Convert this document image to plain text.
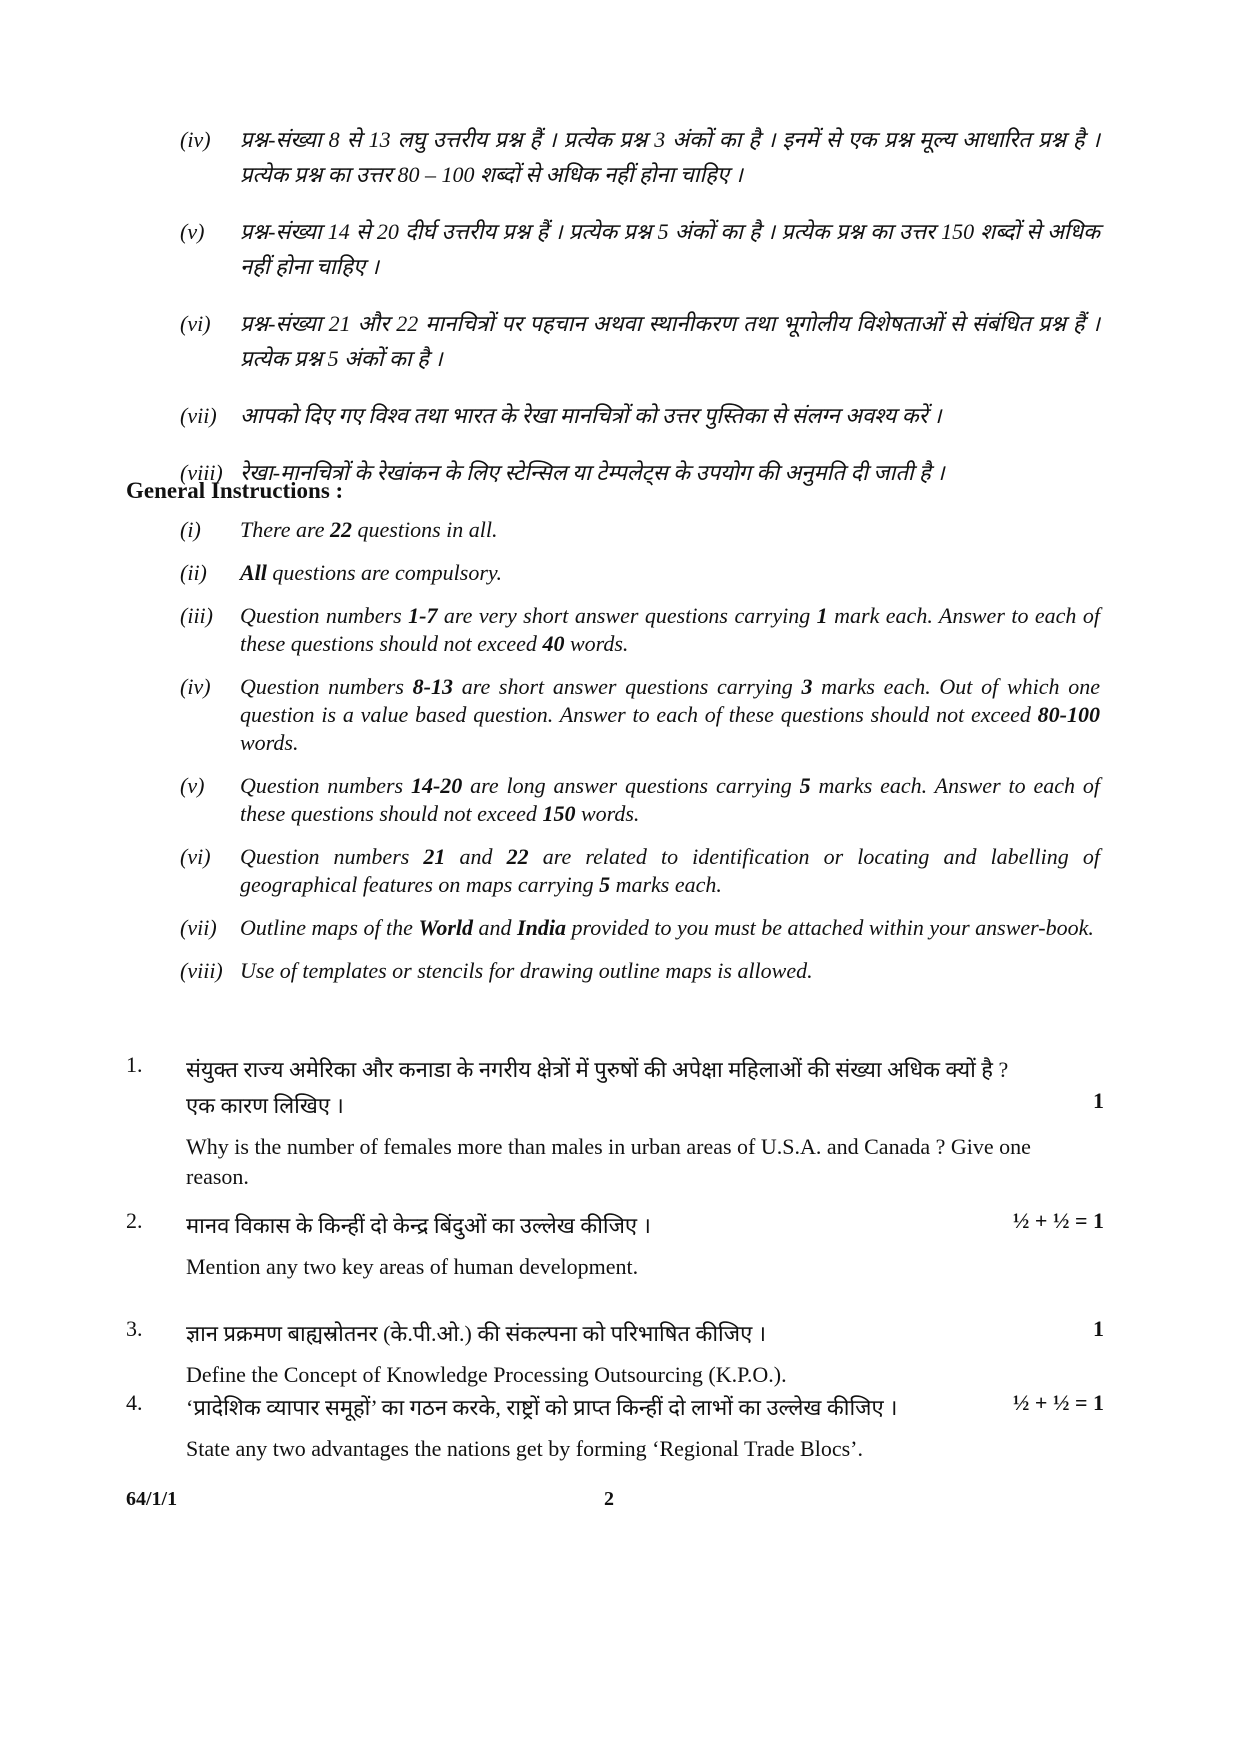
(iv)	प्रश्न-संख्या 8 से 13 लघु उत्तरीय प्रश्न हैं । प्रत्येक प्रश्न 3 अंकों का है । इनमें से एक प्रश्न मूल्य आधारित प्रश्न है । प्रत्येक प्रश्न का उत्तर 80 – 100 शब्दों से अधिक नहीं होना चाहिए ।
(v)	प्रश्न-संख्या 14 से 20 दीर्घ उत्तरीय प्रश्न हैं । प्रत्येक प्रश्न 5 अंकों का है । प्रत्येक प्रश्न का उत्तर 150 शब्दों से अधिक नहीं होना चाहिए ।
(vi)	प्रश्न-संख्या 21 और 22 मानचित्रों पर पहचान अथवा स्थानीकरण तथा भूगोलीय विशेषताओं से संबंधित प्रश्न हैं । प्रत्येक प्रश्न 5 अंकों का है ।
(vii)	आपको दिए गए विश्व तथा भारत के रेखा मानचित्रों को उत्तर पुस्तिका से संलग्न अवश्य करें ।
(viii) रेखा-मानचित्रों के रेखांकन के लिए स्टेन्सिल या टेम्पलेट्स के उपयोग की अनुमति दी जाती है ।
General Instructions :
(i)	There are 22 questions in all.
(ii)	All questions are compulsory.
(iii)	Question numbers 1-7 are very short answer questions carrying 1 mark each. Answer to each of these questions should not exceed 40 words.
(iv)	Question numbers 8-13 are short answer questions carrying 3 marks each. Out of which one question is a value based question. Answer to each of these questions should not exceed 80-100 words.
(v)	Question numbers 14-20 are long answer questions carrying 5 marks each. Answer to each of these questions should not exceed 150 words.
(vi)	Question numbers 21 and 22 are related to identification or locating and labelling of geographical features on maps carrying 5 marks each.
(vii)	Outline maps of the World and India provided to you must be attached within your answer-book.
(viii) Use of templates or stencils for drawing outline maps is allowed.
1.	संयुक्त राज्य अमेरिका और कनाडा के नगरीय क्षेत्रों में पुरुषों की अपेक्षा महिलाओं की संख्या अधिक क्यों है ? एक कारण लिखिए ।
Why is the number of females more than males in urban areas of U.S.A. and Canada ? Give one reason.
1
2.	मानव विकास के किन्हीं दो केन्द्र बिंदुओं का उल्लेख कीजिए ।
Mention any two key areas of human development.
½ + ½ = 1
3.	ज्ञान प्रक्रमण बाह्यस्रोतनर (के.पी.ओ.) की संकल्पना को परिभाषित कीजिए ।
Define the Concept of Knowledge Processing Outsourcing (K.P.O.).
1
4.	‘प्रादेशिक व्यापार समूहों’ का गठन करके, राष्ट्रों को प्राप्त किन्हीं दो लाभों का उल्लेख कीजिए ।
State any two advantages the nations get by forming ‘Regional Trade Blocs’.
½ + ½ = 1
64/1/1	2
